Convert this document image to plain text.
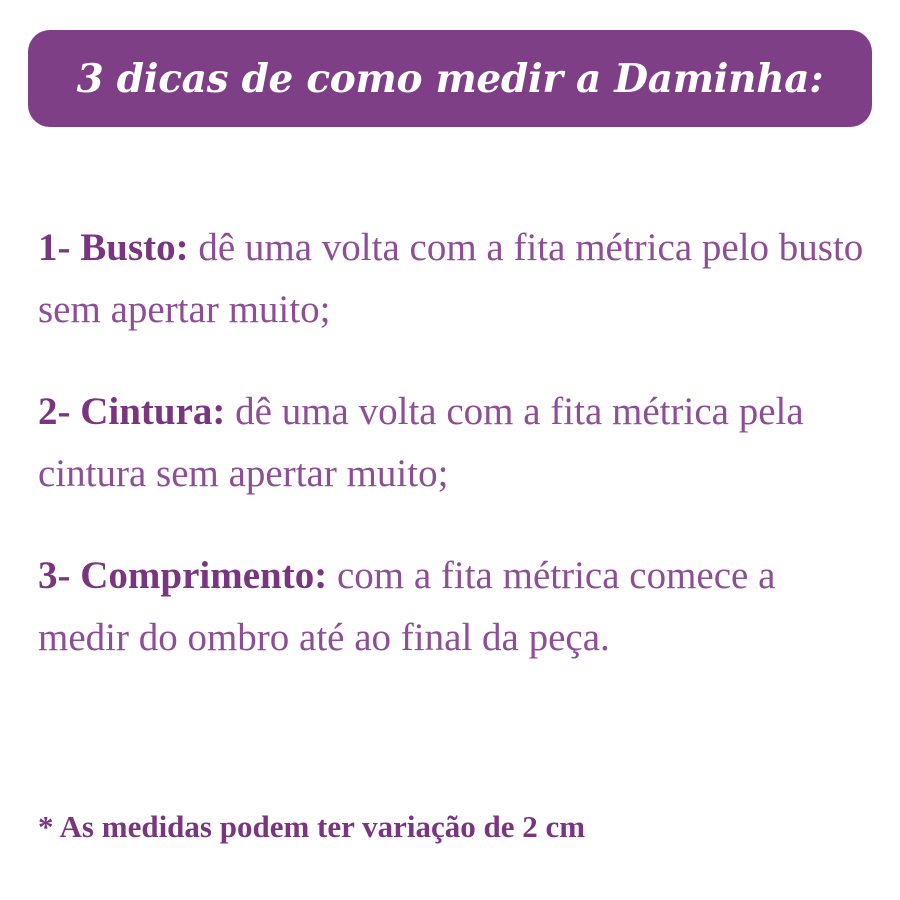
3 dicas de como medir a Daminha:

1- Busto: dê uma volta com a fita métrica pelo busto sem apertar muito;

2- Cintura: dê uma volta com a fita métrica pela cintura sem apertar muito;

3- Comprimento: com a fita métrica comece a medir do ombro até ao final da peça.

* As medidas podem ter variação de 2 cm
